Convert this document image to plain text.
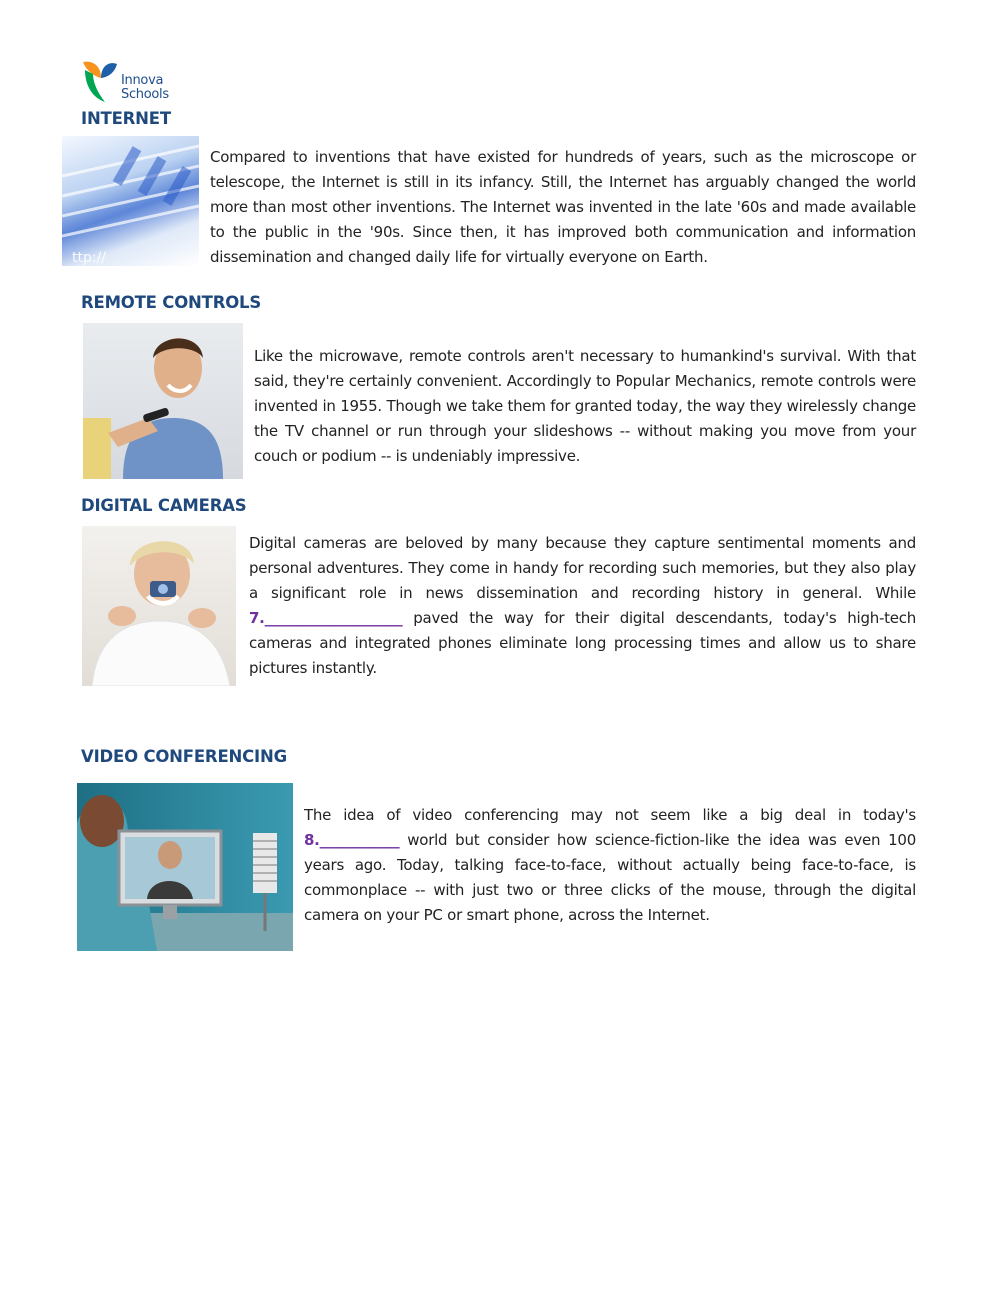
Innova
Schools
INTERNET
ttp://
Compared to inventions that have existed for hundreds of years, such as the microscope or telescope, the Internet is still in its infancy. Still, the Internet has arguably changed the world more than most other inventions. The Internet was invented in the late '60s and made available to the public in the '90s. Since then, it has improved both communication and information dissemination and changed daily life for virtually everyone on Earth.
REMOTE CONTROLS
Like the microwave, remote controls aren't necessary to humankind's survival. With that said, they're certainly convenient. Accordingly to Popular Mechanics, remote controls were invented in 1955. Though we take them for granted today, the way they wirelessly change the TV channel or run through your slideshows -- without making you move from your couch or podium -- is undeniably impressive.
DIGITAL CAMERAS
Digital cameras are beloved by many because they capture sentimental moments and personal adventures. They come in handy for recording such memories, but they also play a significant role in news dissemination and recording history in general. While 7.___________________ paved the way for their digital descendants, today's high-tech cameras and integrated phones eliminate long processing times and allow us to share pictures instantly.
VIDEO CONFERENCING
The idea of video conferencing may not seem like a big deal in today's 8.___________ world but consider how science-fiction-like the idea was even 100 years ago. Today, talking face-to-face, without actually being face-to-face, is commonplace -- with just two or three clicks of the mouse, through the digital camera on your PC or smart phone, across the Internet.
